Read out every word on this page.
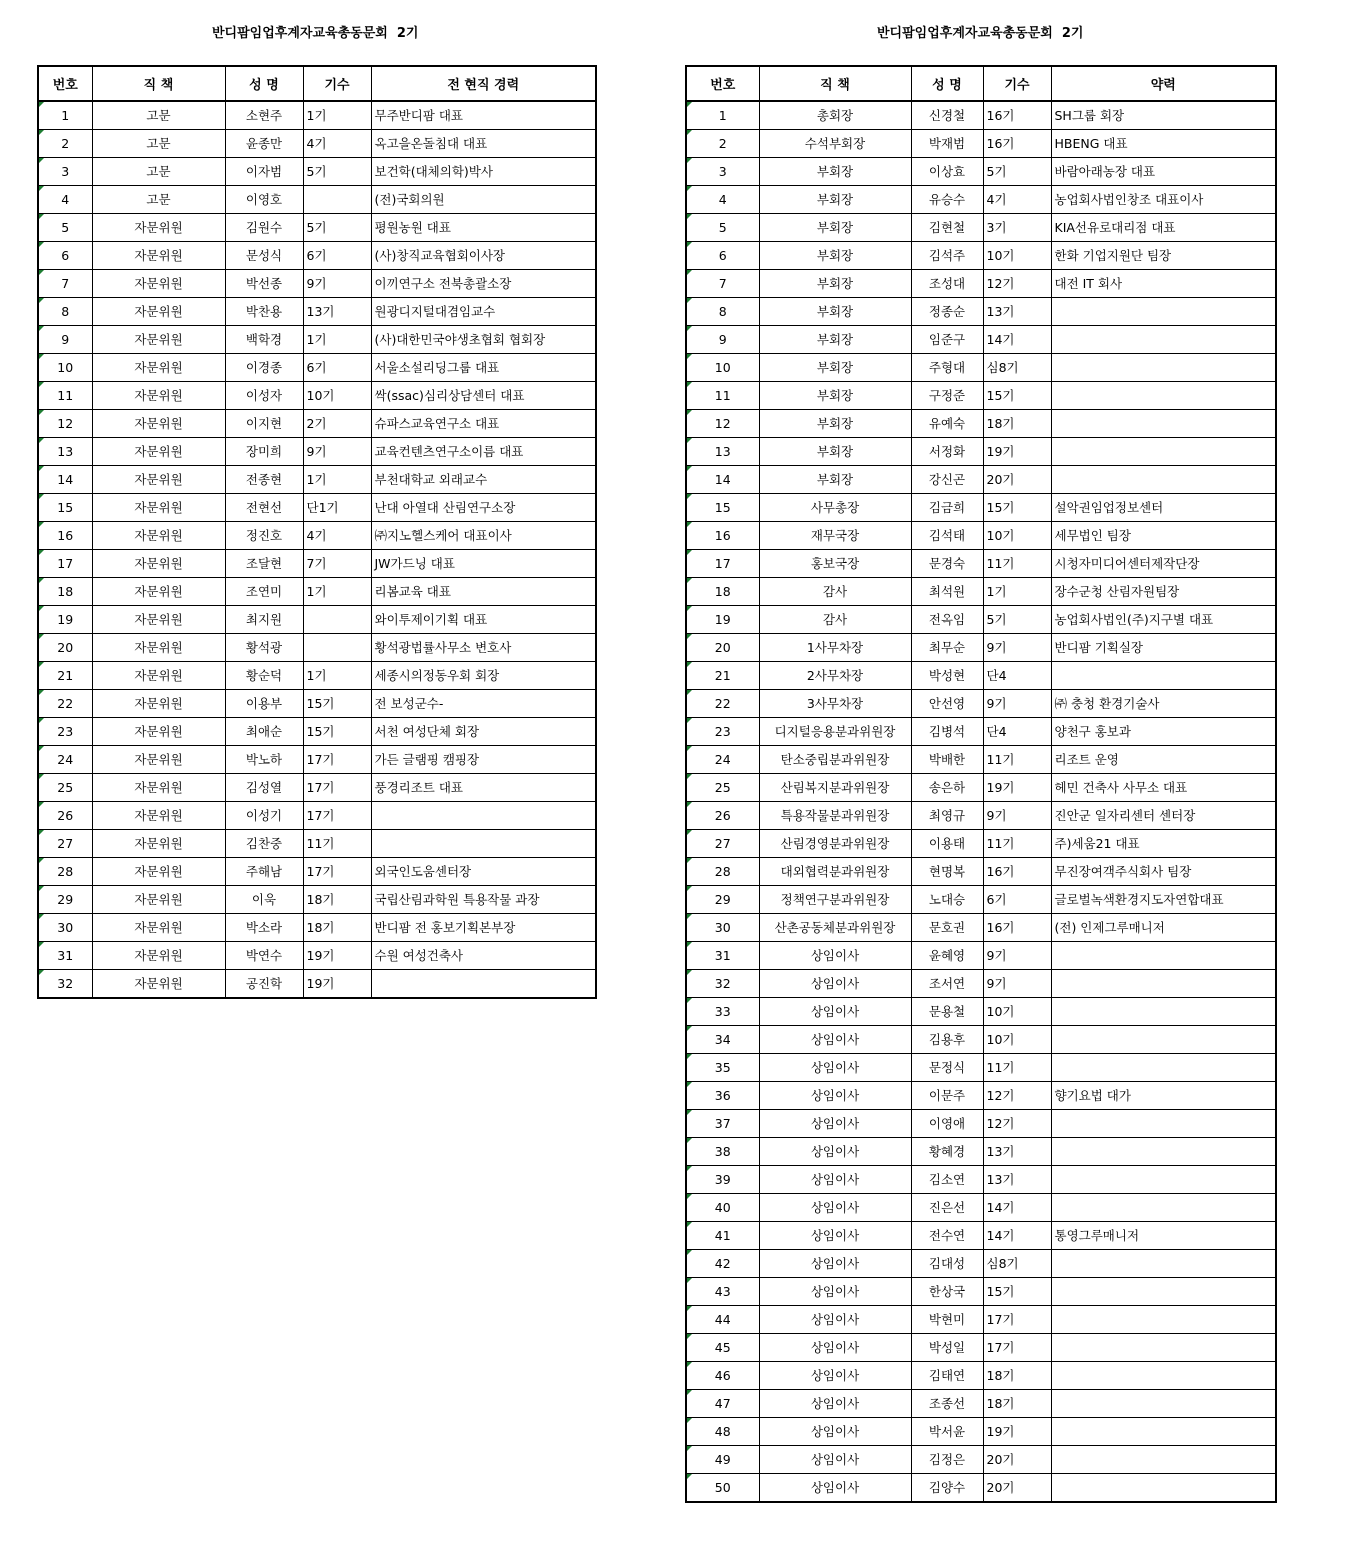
반디팜임업후계자교육총동문회  2기	반디팜임업후계자교육총동문회  2기
번호	직 책	성 명	기수	전 현직 경력
1	고문	소현주	1기	무주반디팜 대표
2	고문	윤종만	4기	옥고을온돌침대 대표
3	고문	이자범	5기	보건학(대체의학)박사
4	고문	이영호		(전)국회의원
5	자문위원	김원수	5기	평원농원 대표
6	자문위원	문성식	6기	(사)창직교육협회이사장
7	자문위원	박선종	9기	이끼연구소 전북총괄소장
8	자문위원	박찬용	13기	원광디지털대겸임교수
9	자문위원	백학경	1기	(사)대한민국야생초협회 협회장
10	자문위원	이경종	6기	서울소설리딩그룹 대표
11	자문위원	이성자	10기	싹(ssac)심리상담센터 대표
12	자문위원	이지현	2기	슈파스교육연구소 대표
13	자문위원	장미희	9기	교육컨텐츠연구소이름 대표
14	자문위원	전종현	1기	부천대학교 외래교수
15	자문위원	전현선	단1기	난대 아열대 산림연구소장
16	자문위원	정진호	4기	㈜지노헬스케어 대표이사
17	자문위원	조달현	7기	JW가드닝 대표
18	자문위원	조연미	1기	리봄교육 대표
19	자문위원	최지원		와이투제이기획 대표
20	자문위원	황석광		황석광법률사무소 변호사
21	자문위원	황순덕	1기	세종시의정동우회 회장
22	자문위원	이용부	15기	전 보성군수-
23	자문위원	최애순	15기	서천 여성단체 회장
24	자문위원	박노하	17기	가든 글램핑 캠핑장
25	자문위원	김성열	17기	풍경리조트 대표
26	자문위원	이성기	17기	
27	자문위원	김찬중	11기	
28	자문위원	주해남	17기	외국인도움센터장
29	자문위원	이욱	18기	국립산림과학원 특용작물 과장
30	자문위원	박소라	18기	반디팜 전 홍보기획본부장
31	자문위원	박연수	19기	수원 여성건축사
32	자문위원	공진학	19기	
번호	직 책	성 명	기수	약력
1	총회장	신경철	16기	SH그룹 회장
2	수석부회장	박재범	16기	HBENG 대표
3	부회장	이상효	5기	바람아래농장 대표
4	부회장	유승수	4기	농업회사법인창조 대표이사
5	부회장	김현철	3기	KIA선유로대리점 대표
6	부회장	김석주	10기	한화 기업지원단 팀장
7	부회장	조성대	12기	대전 IT 회사
8	부회장	정종순	13기	
9	부회장	임준구	14기	
10	부회장	주형대	심8기	
11	부회장	구정준	15기	
12	부회장	유예숙	18기	
13	부회장	서정화	19기	
14	부회장	강신곤	20기	
15	사무총장	김금희	15기	설악권임업정보센터
16	재무국장	김석태	10기	세무법인 팀장
17	홍보국장	문경숙	11기	시청자미디어센터제작단장
18	감사	최석원	1기	장수군청 산림자원팀장
19	감사	전옥임	5기	농업회사법인(주)지구별 대표
20	1사무차장	최무순	9기	반디팜 기획실장
21	2사무차장	박성현	단4	
22	3사무차장	안선영	9기	㈜ 충청 환경기술사
23	디지털응용분과위원장	김병석	단4	양천구 홍보과
24	탄소중립분과위원장	박배한	11기	리조트 운영
25	산림복지분과위원장	송은하	19기	헤민 건축사 사무소 대표
26	특용작물분과위원장	최영규	9기	진안군 일자리센터 센터장
27	산림경영분과위원장	이용태	11기	주)세움21 대표
28	대외협력분과위원장	현명복	16기	무진장여객주식회사 팀장
29	정책연구분과위원장	노대승	6기	글로벌녹색환경지도자연합대표
30	산촌공동체분과위원장	문호권	16기	(전) 인제그루매니저
31	상임이사	윤혜영	9기	
32	상임이사	조서연	9기	
33	상임이사	문용철	10기	
34	상임이사	김용후	10기	
35	상임이사	문정식	11기	
36	상임이사	이문주	12기	향기요법 대가
37	상임이사	이영애	12기	
38	상임이사	황혜경	13기	
39	상임이사	김소연	13기	
40	상임이사	진은선	14기	
41	상임이사	전수연	14기	통영그루매니저
42	상임이사	김대성	심8기	
43	상임이사	한상국	15기	
44	상임이사	박현미	17기	
45	상임이사	박성일	17기	
46	상임이사	김태연	18기	
47	상임이사	조종선	18기	
48	상임이사	박서윤	19기	
49	상임이사	김정은	20기	
50	상임이사	김양수	20기	
